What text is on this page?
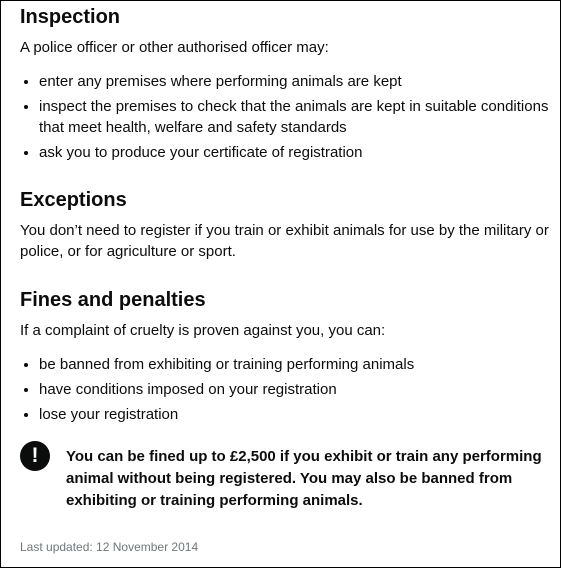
Inspection

A police officer or other authorised officer may:

enter any premises where performing animals are kept
inspect the premises to check that the animals are kept in suitable conditions that meet health, welfare and safety standards
ask you to produce your certificate of registration
Exceptions

You don’t need to register if you train or exhibit animals for use by the military or police, or for agriculture or sport.

Fines and penalties

If a complaint of cruelty is proven against you, you can:

be banned from exhibiting or training performing animals
have conditions imposed on your registration
lose your registration
!	You can be fined up to £2,500 if you exhibit or train any performing animal without being registered. You may also be banned from exhibiting or training performing animals.
Last updated: 12 November 2014
